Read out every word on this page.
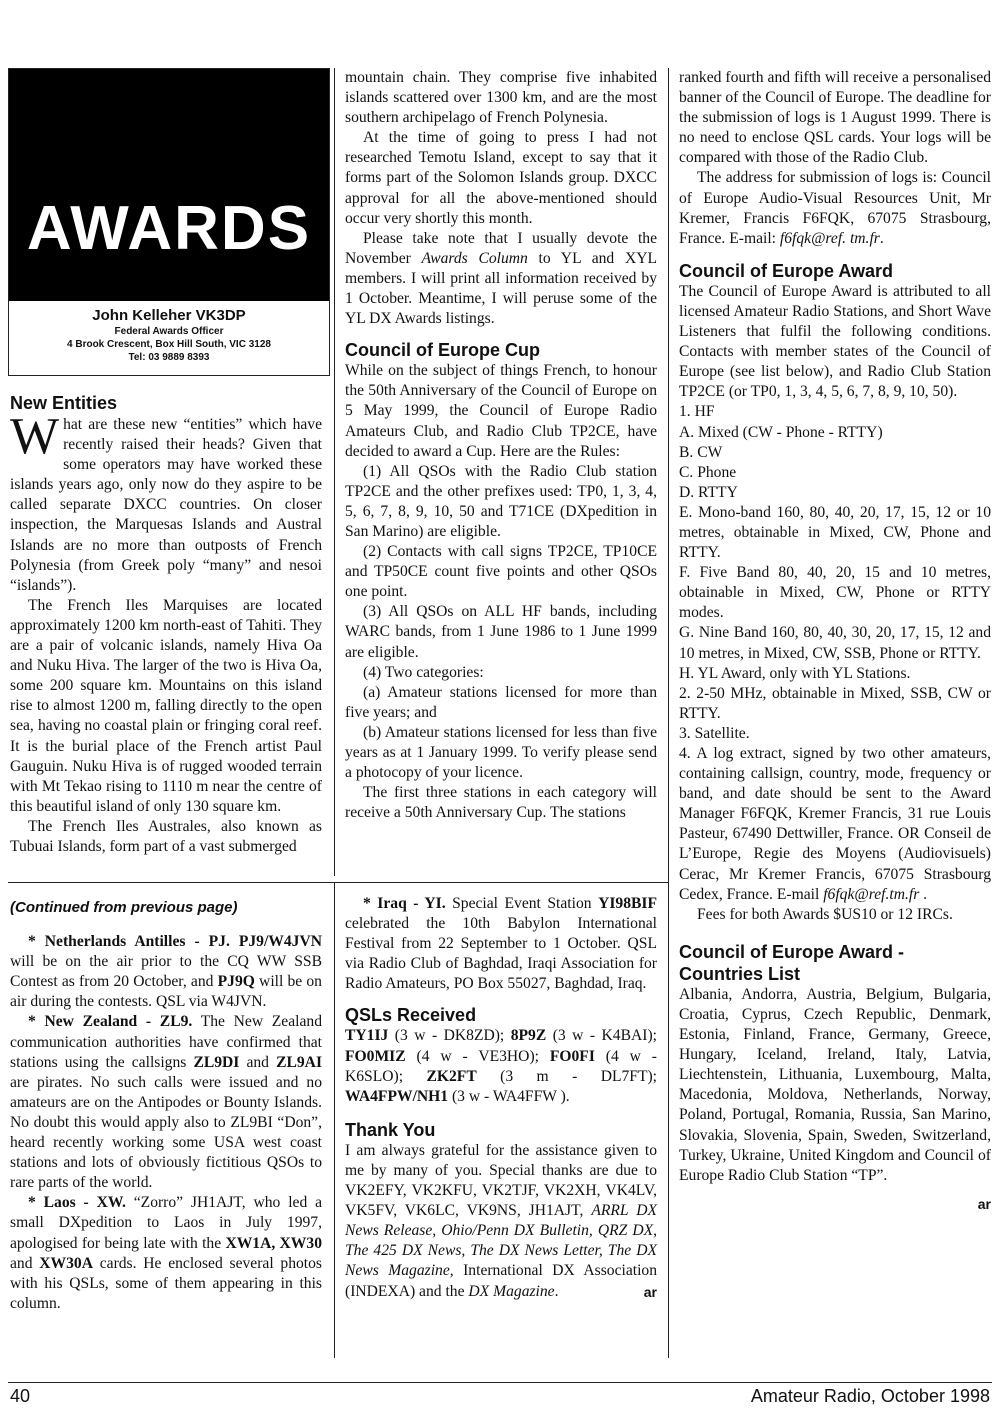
AWARDS
John Kelleher VK3DP
Federal Awards Officer
4 Brook Crescent, Box Hill South, VIC 3128
Tel: 03 9889 8393
New Entities

What are these new “entities” which have recently raised their heads? Given that some operators may have worked these islands years ago, only now do they aspire to be called separate DXCC countries. On closer inspection, the Marquesas Islands and Austral Islands are no more than outposts of French Polynesia (from Greek poly “many” and nesoi “islands”).

The French Iles Marquises are located approximately 1200 km north-east of Tahiti. They are a pair of volcanic islands, namely Hiva Oa and Nuku Hiva. The larger of the two is Hiva Oa, some 200 square km. Mountains on this island rise to almost 1200 m, falling directly to the open sea, having no coastal plain or fringing coral reef. It is the burial place of the French artist Paul Gauguin. Nuku Hiva is of rugged wooded terrain with Mt Tekao rising to 1110 m near the centre of this beautiful island of only 130 square km.

The French Iles Australes, also known as Tubuai Islands, form part of a vast submerged

mountain chain. They comprise five inhabited islands scattered over 1300 km, and are the most southern archipelago of French Polynesia.

At the time of going to press I had not researched Temotu Island, except to say that it forms part of the Solomon Islands group. DXCC approval for all the above-mentioned should occur very shortly this month.

Please take note that I usually devote the November Awards Column to YL and XYL members. I will print all information received by 1 October. Meantime, I will peruse some of the YL DX Awards listings.

Council of Europe Cup

While on the subject of things French, to honour the 50th Anniversary of the Council of Europe on 5 May 1999, the Council of Europe Radio Amateurs Club, and Radio Club TP2CE, have decided to award a Cup. Here are the Rules:

(1) All QSOs with the Radio Club station TP2CE and the other prefixes used: TP0, 1, 3, 4, 5, 6, 7, 8, 9, 10, 50 and T71CE (DXpedition in San Marino) are eligible.

(2) Contacts with call signs TP2CE, TP10CE and TP50CE count five points and other QSOs one point.

(3) All QSOs on ALL HF bands, including WARC bands, from 1 June 1986 to 1 June 1999 are eligible.

(4) Two categories:

(a) Amateur stations licensed for more than five years; and

(b) Amateur stations licensed for less than five years as at 1 January 1999. To verify please send a photocopy of your licence.

The first three stations in each category will receive a 50th Anniversary Cup. The stations

ranked fourth and fifth will receive a personalised banner of the Council of Europe. The deadline for the submission of logs is 1 August 1999. There is no need to enclose QSL cards. Your logs will be compared with those of the Radio Club.

The address for submission of logs is: Council of Europe Audio-Visual Resources Unit, Mr Kremer, Francis F6FQK, 67075 Strasbourg, France. E-mail: f6fqk@ref. tm.fr.

Council of Europe Award

The Council of Europe Award is attributed to all licensed Amateur Radio Stations, and Short Wave Listeners that fulfil the following conditions. Contacts with member states of the Council of Europe (see list below), and Radio Club Station TP2CE (or TP0, 1, 3, 4, 5, 6, 7, 8, 9, 10, 50).

1. HF

A. Mixed (CW - Phone - RTTY)

B. CW

C. Phone

D. RTTY

E. Mono-band 160, 80, 40, 20, 17, 15, 12 or 10 metres, obtainable in Mixed, CW, Phone and RTTY.

F. Five Band 80, 40, 20, 15 and 10 metres, obtainable in Mixed, CW, Phone or RTTY modes.

G. Nine Band 160, 80, 40, 30, 20, 17, 15, 12 and 10 metres, in Mixed, CW, SSB, Phone or RTTY.

H. YL Award, only with YL Stations.

2. 2-50 MHz, obtainable in Mixed, SSB, CW or RTTY.

3. Satellite.

4. A log extract, signed by two other amateurs, containing callsign, country, mode, frequency or band, and date should be sent to the Award Manager F6FQK, Kremer Francis, 31 rue Louis Pasteur, 67490 Dettwiller, France. OR Conseil de L’Europe, Regie des Moyens (Audiovisuels) Cerac, Mr Kremer Francis, 67075 Strasbourg Cedex, France. E-mail f6fqk@ref.tm.fr .

Fees for both Awards $US10 or 12 IRCs.

Council of Europe Award - Countries List

Albania, Andorra, Austria, Belgium, Bulgaria, Croatia, Cyprus, Czech Republic, Denmark, Estonia, Finland, France, Germany, Greece, Hungary, Iceland, Ireland, Italy, Latvia, Liechtenstein, Lithuania, Luxembourg, Malta, Macedonia, Moldova, Netherlands, Norway, Poland, Portugal, Romania, Russia, San Marino, Slovakia, Slovenia, Spain, Sweden, Switzerland, Turkey, Ukraine, United Kingdom and Council of Europe Radio Club Station “TP”.

ar

(Continued from previous page)

* Netherlands Antilles - PJ. PJ9/W4JVN will be on the air prior to the CQ WW SSB Contest as from 20 October, and PJ9Q will be on air during the contests. QSL via W4JVN.

* New Zealand - ZL9. The New Zealand communication authorities have confirmed that stations using the callsigns ZL9DI and ZL9AI are pirates. No such calls were issued and no amateurs are on the Antipodes or Bounty Islands. No doubt this would apply also to ZL9BI “Don”, heard recently working some USA west coast stations and lots of obviously fictitious QSOs to rare parts of the world.

* Laos - XW. “Zorro” JH1AJT, who led a small DXpedition to Laos in July 1997, apologised for being late with the XW1A, XW30 and XW30A cards. He enclosed several photos with his QSLs, some of them appearing in this column.

* Iraq - YI. Special Event Station YI98BIF celebrated the 10th Babylon International Festival from 22 September to 1 October. QSL via Radio Club of Baghdad, Iraqi Association for Radio Amateurs, PO Box 55027, Baghdad, Iraq.

QSLs Received

TY1IJ (3 w - DK8ZD); 8P9Z (3 w - K4BAI); FO0MIZ (4 w - VE3HO); FO0FI (4 w -K6SLO); ZK2FT (3 m - DL7FT); WA4FPW/NH1 (3 w - WA4FFW ).

Thank You

I am always grateful for the assistance given to me by many of you. Special thanks are due to VK2EFY, VK2KFU, VK2TJF, VK2XH, VK4LV, VK5FV, VK6LC, VK9NS, JH1AJT, ARRL DX News Release, Ohio/Penn DX Bulletin, QRZ DX, The 425 DX News, The DX News Letter, The DX News Magazine, International DX Association (INDEXA) and the DX Magazine.	ar

40	Amateur Radio, October 1998
